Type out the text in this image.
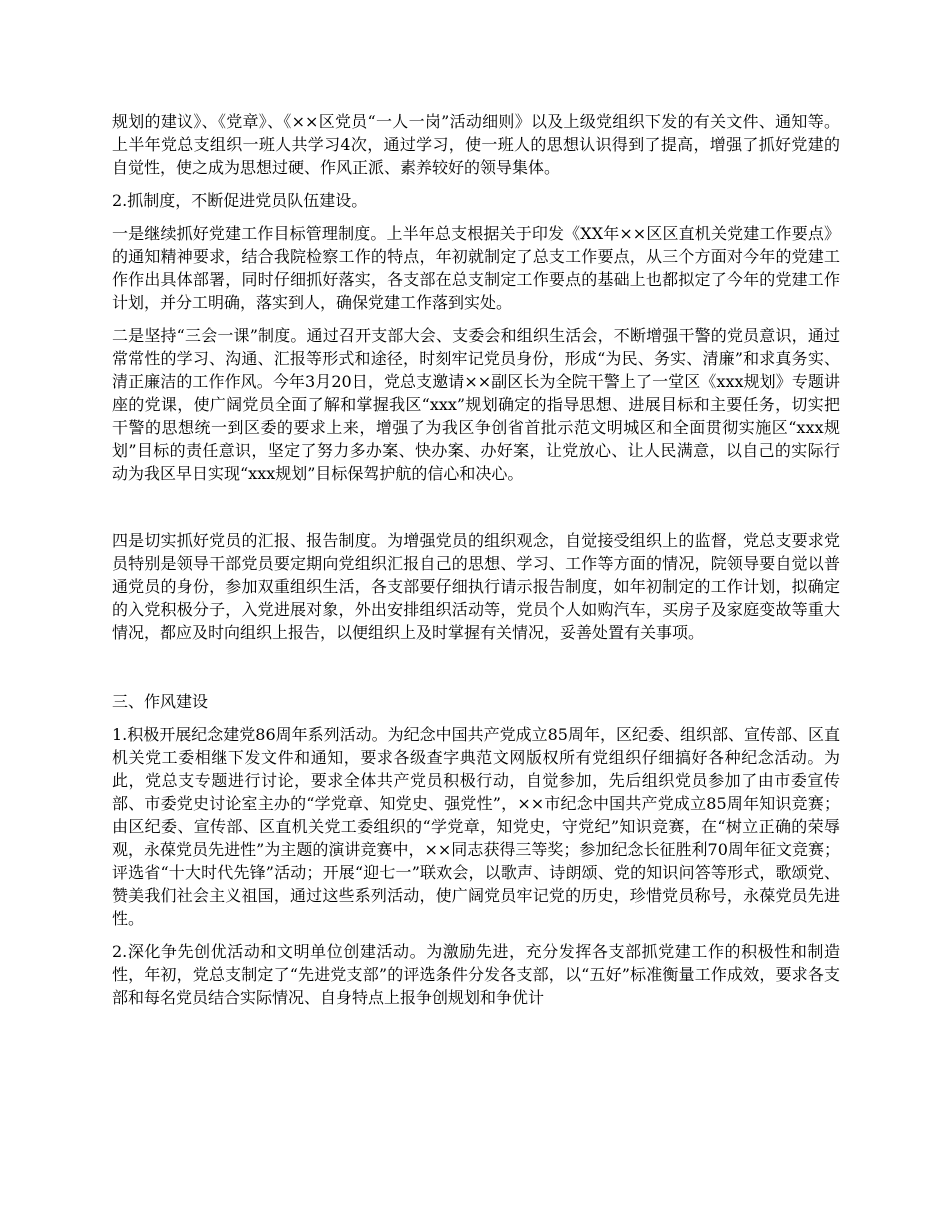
规划的建议》、《党章》、《××区党员“一人一岗”活动细则》以及上级党组织下发的有关文件、通知等。上半年党总支组织一班人共学习4次，通过学习，使一班人的思想认识得到了提高，增强了抓好党建的自觉性，使之成为思想过硬、作风正派、素养较好的领导集体。

2.抓制度，不断促进党员队伍建设。

一是继续抓好党建工作目标管理制度。上半年总支根据关于印发《XX年××区区直机关党建工作要点》的通知精神要求，结合我院检察工作的特点，年初就制定了总支工作要点，从三个方面对今年的党建工作作出具体部署，同时仔细抓好落实，各支部在总支制定工作要点的基础上也都拟定了今年的党建工作计划，并分工明确，落实到人，确保党建工作落到实处。

二是坚持“三会一课”制度。通过召开支部大会、支委会和组织生活会，不断增强干警的党员意识，通过常常性的学习、沟通、汇报等形式和途径，时刻牢记党员身份，形成“为民、务实、清廉”和求真务实、清正廉洁的工作作风。今年3月20日，党总支邀请××副区长为全院干警上了一堂区《xxx规划》专题讲座的党课，使广阔党员全面了解和掌握我区“xxx”规划确定的指导思想、进展目标和主要任务，切实把干警的思想统一到区委的要求上来，增强了为我区争创省首批示范文明城区和全面贯彻实施区“xxx规划”目标的责任意识，坚定了努力多办案、快办案、办好案，让党放心、让人民满意，以自己的实际行动为我区早日实现“xxx规划”目标保驾护航的信心和决心。

四是切实抓好党员的汇报、报告制度。为增强党员的组织观念，自觉接受组织上的监督，党总支要求党员特别是领导干部党员要定期向党组织汇报自己的思想、学习、工作等方面的情况，院领导要自觉以普通党员的身份，参加双重组织生活，各支部要仔细执行请示报告制度，如年初制定的工作计划，拟确定的入党积极分子，入党进展对象，外出安排组织活动等，党员个人如购汽车，买房子及家庭变故等重大情况，都应及时向组织上报告，以便组织上及时掌握有关情况，妥善处置有关事项。

三、作风建设

1.积极开展纪念建党86周年系列活动。为纪念中国共产党成立85周年，区纪委、组织部、宣传部、区直机关党工委相继下发文件和通知，要求各级查字典范文网版权所有党组织仔细搞好各种纪念活动。为此，党总支专题进行讨论，要求全体共产党员积极行动，自觉参加，先后组织党员参加了由市委宣传部、市委党史讨论室主办的“学党章、知党史、强党性”，××市纪念中国共产党成立85周年知识竞赛；由区纪委、宣传部、区直机关党工委组织的“学党章，知党史，守党纪”知识竞赛，在“树立正确的荣辱观，永葆党员先进性”为主题的演讲竞赛中，××同志获得三等奖；参加纪念长征胜利70周年征文竞赛；评选省“十大时代先锋”活动；开展“迎七一”联欢会，以歌声、诗朗颂、党的知识问答等形式，歌颂党、赞美我们社会主义祖国，通过这些系列活动，使广阔党员牢记党的历史，珍惜党员称号，永葆党员先进性。

2.深化争先创优活动和文明单位创建活动。为激励先进，充分发挥各支部抓党建工作的积极性和制造性，年初，党总支制定了“先进党支部”的评选条件分发各支部，以“五好”标准衡量工作成效，要求各支部和每名党员结合实际情况、自身特点上报争创规划和争优计
